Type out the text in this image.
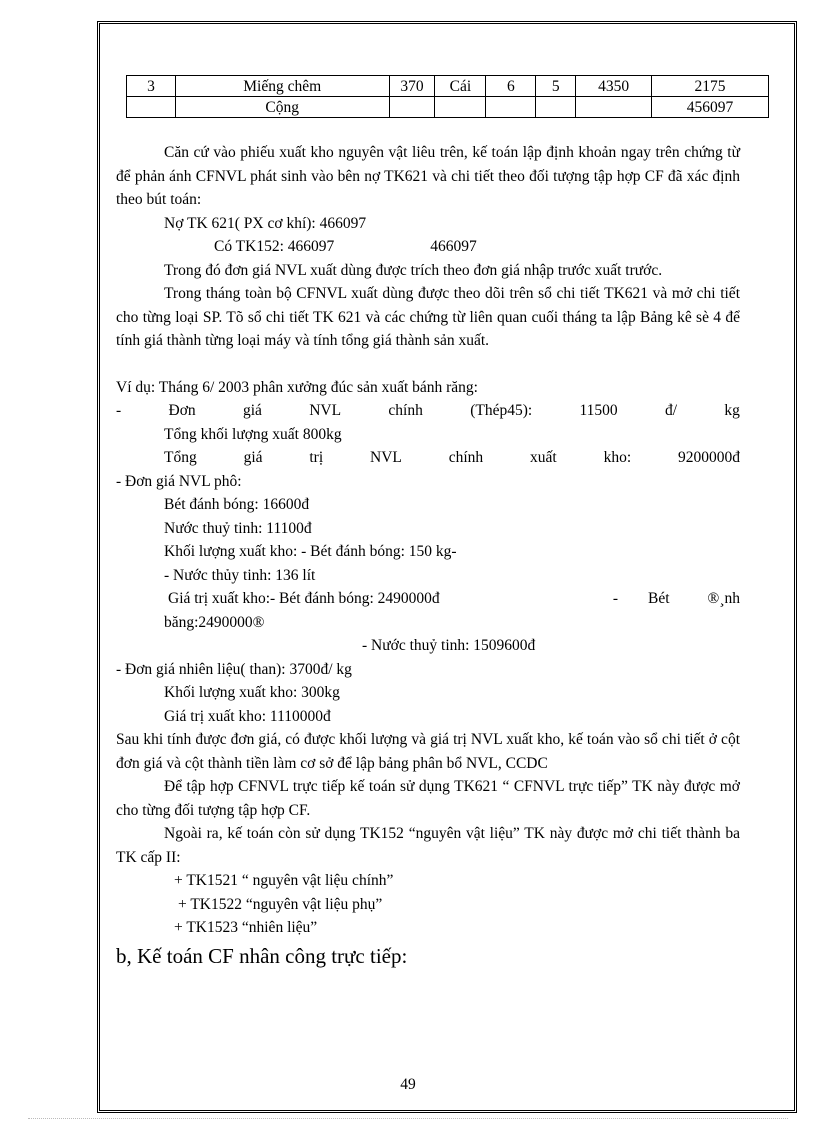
3	Miếng chêm	370	Cái	6	5	4350	2175
	Cộng						456097

Căn cứ vào phiếu xuất kho nguyên vật liêu trên, kế toán lập định khoản ngay trên chứng từ để phản ánh CFNVL phát sinh vào bên nợ TK621 và chi tiết theo đối tượng tập hợp CF đã xác định theo bút toán:

Nợ TK 621( PX cơ khí): 466097

Có TK152: 466097	466097

Trong đó đơn giá NVL xuất dùng được trích theo đơn giá nhập trước xuất trước.

Trong tháng toàn bộ CFNVL xuất dùng được theo dõi trên sổ chi tiết TK621 và mở chi tiết cho từng loại SP. Tõ sổ chi tiết TK 621 và các chứng từ liên quan cuối tháng ta lập Bảng kê sè 4 để tính giá thành từng loại máy và tính tổng giá thành sản xuất.

Ví dụ: Tháng 6/ 2003 phân xưởng đúc sản xuất bánh răng:

-	Đơn	giá	NVL	chính	(Thép45):	11500	đ/	kg

Tổng khối lượng xuất 800kg

Tổng	giá	trị	NVL	chính	xuất	kho:	9200000đ

- Đơn giá NVL phô:

Bét đánh bóng: 16600đ

Nước thuỷ tinh: 11100đ

Khối lượng xuất kho: - Bét đánh bóng: 150 kg-

- Nước thủy tinh: 136 lít

Giá trị xuất kho:- Bét đánh bóng: 2490000đ	- Bét ®¸nh

băng:2490000®

- Nước thuỷ tinh: 1509600đ

- Đơn giá nhiên liệu( than): 3700đ/ kg

Khối lượng xuất kho: 300kg

Giá trị xuất kho: 1110000đ

Sau khi tính được đơn giá, có được khối lượng và giá trị NVL xuất kho, kế toán vào sổ chi tiết ở cột đơn giá và cột thành tiền làm cơ sở để lập bảng phân bổ NVL, CCDC

Để tập hợp CFNVL trực tiếp kế toán sử dụng TK621 “ CFNVL trực tiếp” TK này được mở cho từng đối tượng tập hợp CF.

Ngoài ra, kế toán còn sử dụng TK152 “nguyên vật liệu” TK này được mở chi tiết thành ba TK cấp II:

+ TK1521 “ nguyên vật liệu chính”

+ TK1522 “nguyên vật liệu phụ”

+ TK1523 “nhiên liệu”

b, Kế toán CF nhân công trực tiếp:

49
